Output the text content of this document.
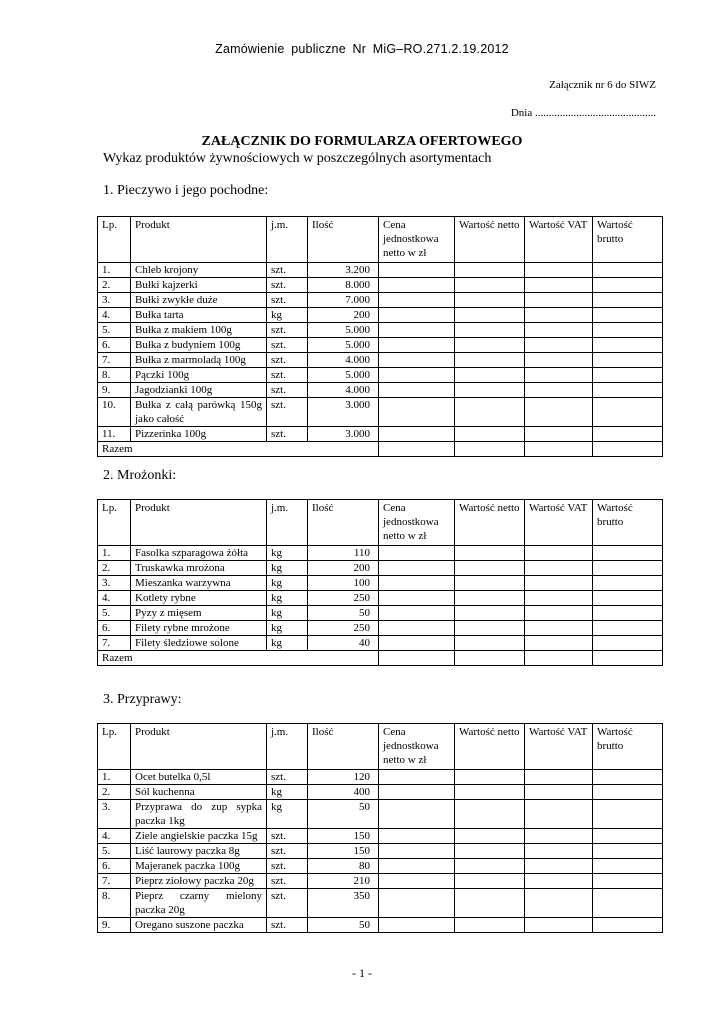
Zamówienie publiczne Nr MiG–RO.271.2.19.2012
Załącznik nr 6 do SIWZ
Dnia ............................................
ZAŁĄCZNIK DO FORMULARZA OFERTOWEGO
Wykaz produktów żywnościowych w poszczególnych asortymentach
1. Pieczywo i jego pochodne:
Lp.	Produkt	j.m.	Ilość	Cena jednostkowa netto w zł	Wartość netto	Wartość VAT	Wartość brutto
1.	Chleb krojony	szt.	3.200				
2.	Bułki kajzerki	szt.	8.000				
3.	Bułki zwykłe duże	szt.	7.000				
4.	Bułka tarta	kg	200				
5.	Bułka z makiem 100g	szt.	5.000				
6.	Bułka z budyniem 100g	szt.	5.000				
7.	Bułka z marmoladą 100g	szt.	4.000				
8.	Pączki 100g	szt.	5.000				
9.	Jagodzianki 100g	szt.	4.000				
10.	Bułka z całą parówką 150g jako całość	szt.	3.000				
11.	Pizzerinka 100g	szt.	3.000				
Razem							
2. Mrożonki:
Lp.	Produkt	j.m.	Ilość	Cena jednostkowa netto w zł	Wartość netto	Wartość VAT	Wartość brutto
1.	Fasolka szparagowa żółta	kg	110				
2.	Truskawka mrożona	kg	200				
3.	Mieszanka warzywna	kg	100				
4.	Kotlety rybne	kg	250				
5.	Pyzy z mięsem	kg	50				
6.	Filety rybne mrożone	kg	250				
7.	Filety śledziowe solone	kg	40				
Razem							
3. Przyprawy:
Lp.	Produkt	j.m.	Ilość	Cena jednostkowa netto w zł	Wartość netto	Wartość VAT	Wartość brutto
1.	Ocet butelka 0,5l	szt.	120				
2.	Sól kuchenna	kg	400				
3.	Przyprawa do zup sypka paczka 1kg	kg	50				
4.	Ziele angielskie paczka 15g	szt.	150				
5.	Liść laurowy paczka 8g	szt.	150				
6.	Majeranek paczka 100g	szt.	80				
7.	Pieprz ziołowy paczka 20g	szt.	210				
8.	Pieprz czarny mielony paczka 20g	szt.	350				
9.	Oregano suszone paczka	szt.	50				
- 1 -
